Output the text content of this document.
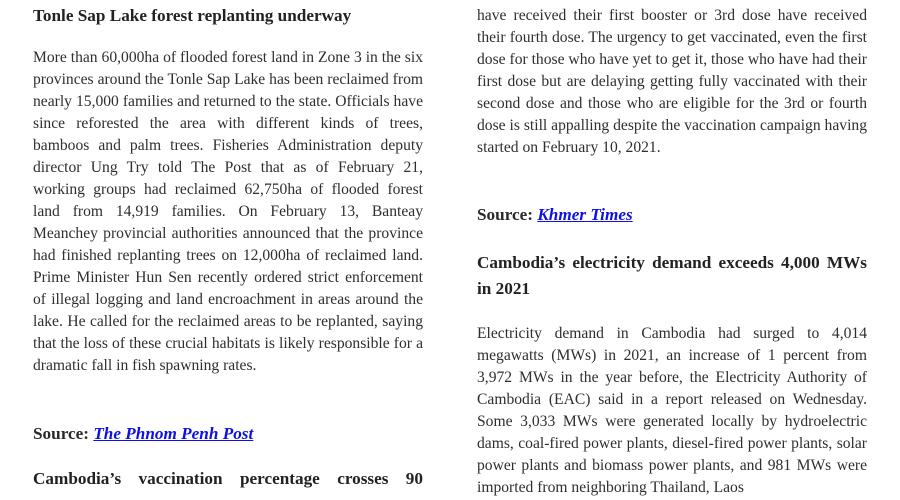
Tonle Sap Lake forest replanting underway

More than 60,000ha of flooded forest land in Zone 3 in the six provinces around the Tonle Sap Lake has been reclaimed from nearly 15,000 families and returned to the state. Officials have since reforested the area with different kinds of trees, bamboos and palm trees. Fisheries Administration deputy director Ung Try told The Post that as of February 21, working groups had reclaimed 62,750ha of flooded forest land from 14,919 families. On February 13, Banteay Meanchey provincial authorities announced that the province had finished replanting trees on 12,000ha of reclaimed land. Prime Minister Hun Sen recently ordered strict enforcement of illegal logging and land encroachment in areas around the lake. He called for the reclaimed areas to be replanted, saying that the loss of these crucial habitats is likely responsible for a dramatic fall in fish spawning rates.

Source: The Phnom Penh Post

Cambodia’s vaccination percentage crosses 90

have received their first booster or 3rd dose have received their fourth dose. The urgency to get vaccinated, even the first dose for those who have yet to get it, those who have had their first dose but are delaying getting fully vaccinated with their second dose and those who are eligible for the 3rd or fourth dose is still appalling despite the vaccination campaign having started on February 10, 2021.

Source: Khmer Times

Cambodia’s electricity demand exceeds 4,000 MWs in 2021

Electricity demand in Cambodia had surged to 4,014 megawatts (MWs) in 2021, an increase of 1 percent from 3,972 MWs in the year before, the Electricity Authority of Cambodia (EAC) said in a report released on Wednesday. Some 3,033 MWs were generated locally by hydroelectric dams, coal-fired power plants, diesel-fired power plants, solar power plants and biomass power plants, and 981 MWs were imported from neighboring Thailand, Laos
